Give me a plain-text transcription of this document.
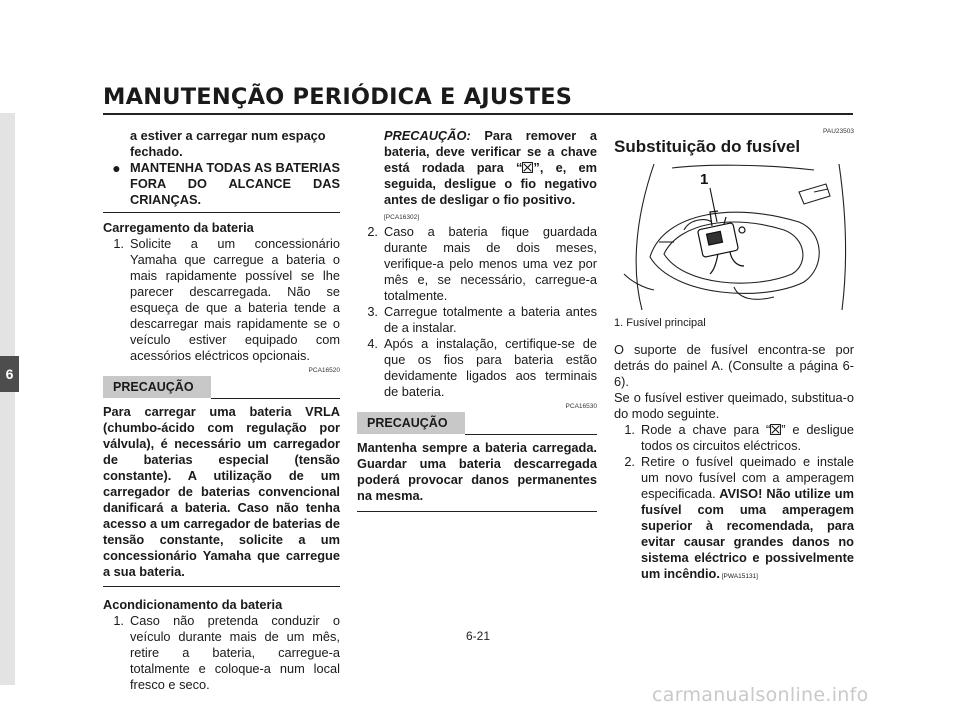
MANUTENÇÃO PERIÓDICA E AJUSTES
6
a estiver a carregar num espaço
fechado.
● MANTENHA TODAS AS BATERIAS FORA DO ALCANCE DAS CRIANÇAS.
Carregamento da bateria
1. Solicite a um concessionário Yamaha que carregue a bateria o mais rapidamente possível se lhe parecer descarregada. Não se esqueça de que a bateria tende a descarregar mais rapidamente se o veículo estiver equipado com acessórios eléctricos opcionais.
PCA16520
PRECAUÇÃO
Para carregar uma bateria VRLA (chumbo-ácido com regulação por válvula), é necessário um carregador de baterias especial (tensão constante). A utilização de um carregador de baterias convencional danificará a bateria. Caso não tenha acesso a um carregador de baterias de tensão constante, solicite a um concessionário Yamaha que carregue a sua bateria.
Acondicionamento da bateria
1. Caso não pretenda conduzir o veículo durante mais de um mês, retire a bateria, carregue-a totalmente e coloque-a num local fresco e seco.
PRECAUÇÃO: Para remover a bateria, deve verificar se a chave está rodada para “ ”, e, em seguida, desligue o fio negativo antes de desligar o fio positivo.
[PCA16302]
2. Caso a bateria fique guardada durante mais de dois meses, verifique-a pelo menos uma vez por mês e, se necessário, carregue-a totalmente.
3. Carregue totalmente a bateria antes de a instalar.
4. Após a instalação, certifique-se de que os fios para bateria estão devidamente ligados aos terminais de bateria.
PCA16530
PRECAUÇÃO
Mantenha sempre a bateria carregada. Guardar uma bateria descarregada poderá provocar danos permanentes na mesma.
PAU23503
Substituição do fusível
1
1. Fusível principal
O suporte de fusível encontra-se por detrás do painel A. (Consulte a página 6-6).
Se o fusível estiver queimado, substitua-o do modo seguinte.
1. Rode a chave para “ ” e desligue todos os circuitos eléctricos.
2. Retire o fusível queimado e instale um novo fusível com a amperagem especificada. AVISO! Não utilize um fusível com uma amperagem superior à recomendada, para evitar causar grandes danos no sistema eléctrico e possivelmente um incêndio. [PWA15131]
6-21
carmanualsonline.info
